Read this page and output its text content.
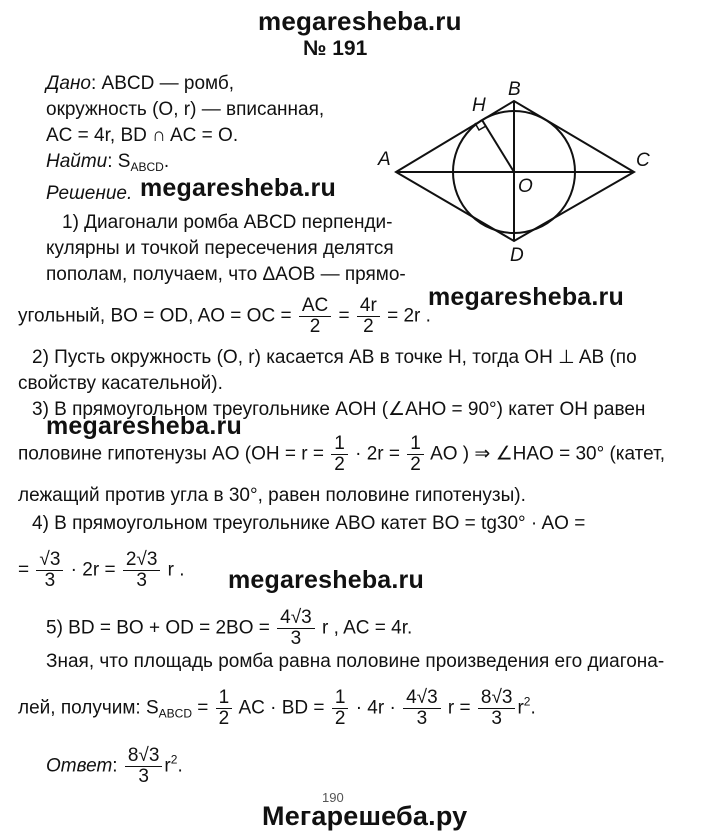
megaresheba.ru
№ 191
Дано: ABCD — ромб,
окружность (O, r) — вписанная,
AC = 4r, BD ∩ AC = O.
Найти: $S_{ABCD}$.
Решение.
A
B
C
D
O
H
megaresheba.ru
megaresheba.ru
megaresheba.ru
megaresheba.ru
1) Диагонали ромба ABCD перпенди-
кулярны и точкой пересечения делятся
пополам, получаем, что ΔAOB — прямо-
угольный, BO = OD, AO = OC = $\frac{AC}{2} = \frac{4r}{2} = 2r$ .
2) Пусть окружность (O, r) касается AB в точке H, тогда OH ⊥ AB (по
свойству касательной).
3) В прямоугольном треугольнике AOH (∠AHO = 90°) катет OH равен
половине гипотенузы AO ($OH = r = \frac{1}{2} \cdot 2r = \frac{1}{2}$ AO ) ⇒ ∠HAO = 30° (катет,
лежащий против угла в 30°, равен половине гипотенузы).
4) В прямоугольном треугольнике ABO катет BO = tg30° · AO =
= $\frac{√3}{3} \cdot 2r = \frac{2√3}{3}$ r .
5) BD = BO + OD = $2BO = \frac{4√3}{3}$ r , AC = 4r.
Зная, что площадь ромба равна половине произведения его диагона-
лей, получим: $S_{ABCD} = \frac{1}{2}$ AC · BD = $\frac{1}{2} \cdot 4r \cdot \frac{4√3}{3}$ $r = \frac{8√3}{3} r^2$.
Ответ: $\frac{8√3}{3} r^2$.
190
Мегарешеба.ру
